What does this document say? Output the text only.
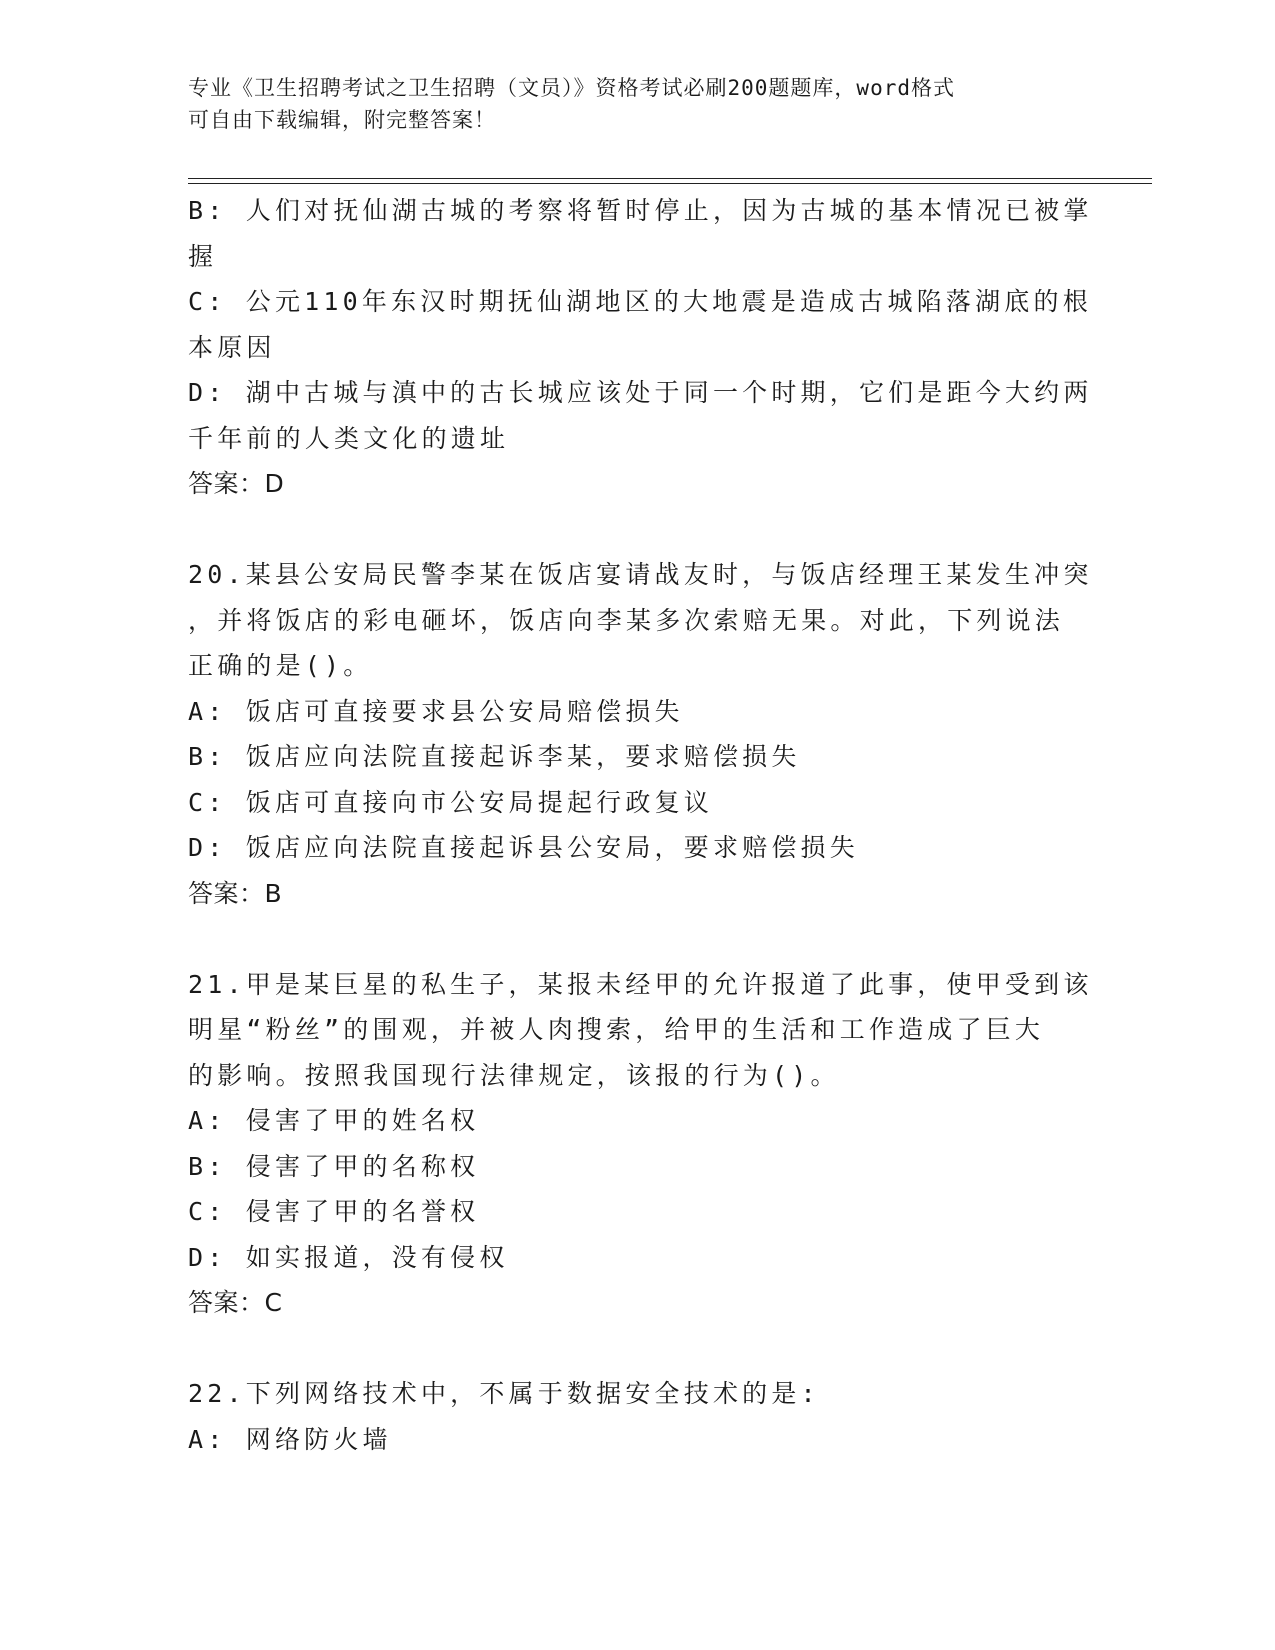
专业《卫生招聘考试之卫生招聘（文员）》资格考试必刷200题题库，word格式
可自由下载编辑，附完整答案！
B: 人们对抚仙湖古城的考察将暂时停止，因为古城的基本情况已被掌
握
C: 公元110年东汉时期抚仙湖地区的大地震是造成古城陷落湖底的根
本原因
D: 湖中古城与滇中的古长城应该处于同一个时期，它们是距今大约两
千年前的人类文化的遗址
答案：D
20.某县公安局民警李某在饭店宴请战友时，与饭店经理王某发生冲突
，并将饭店的彩电砸坏，饭店向李某多次索赔无果。对此，下列说法
正确的是()。
A: 饭店可直接要求县公安局赔偿损失
B: 饭店应向法院直接起诉李某，要求赔偿损失
C: 饭店可直接向市公安局提起行政复议
D: 饭店应向法院直接起诉县公安局，要求赔偿损失
答案：B
21.甲是某巨星的私生子，某报未经甲的允许报道了此事，使甲受到该
明星“粉丝”的围观，并被人肉搜索，给甲的生活和工作造成了巨大
的影响。按照我国现行法律规定，该报的行为()。
A: 侵害了甲的姓名权
B: 侵害了甲的名称权
C: 侵害了甲的名誉权
D: 如实报道，没有侵权
答案：C
22.下列网络技术中，不属于数据安全技术的是:
A: 网络防火墙
